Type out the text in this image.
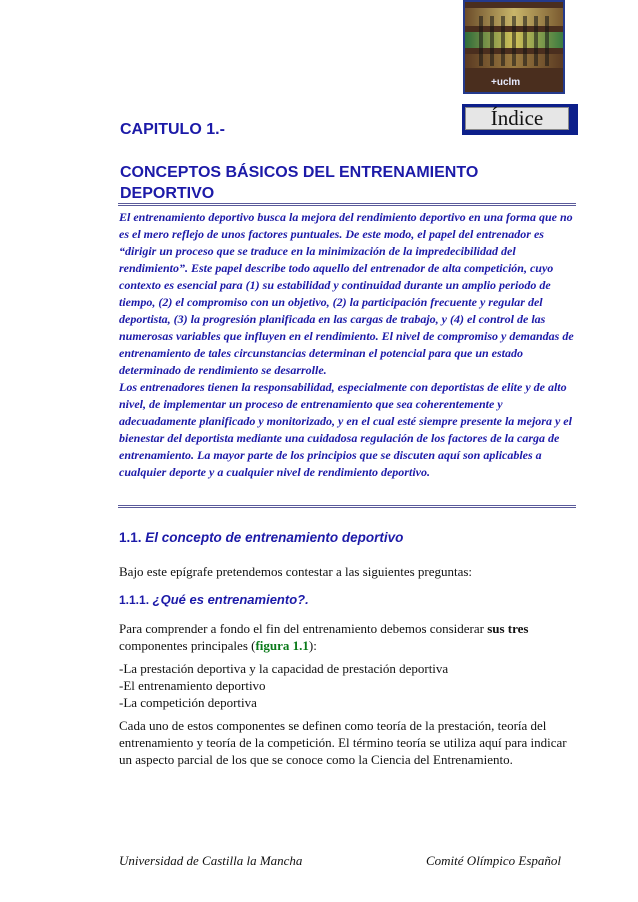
+uclm
Índice
CAPITULO 1.-
CONCEPTOS BÁSICOS DEL ENTRENAMIENTO
DEPORTIVO

El entrenamiento deportivo busca la mejora del rendimiento deportivo en una forma que no es el mero reflejo de unos factores puntuales. De este modo, el papel del entrenador es “dirigir un proceso que se traduce en la minimización de la impredecibilidad del rendimiento”. Este papel describe todo aquello del entrenador de alta competición, cuyo contexto es esencial para (1) su estabilidad y continuidad durante un amplio periodo de tiempo, (2) el compromiso con un objetivo, (2) la participación frecuente y regular del deportista, (3) la progresión planificada en las cargas de trabajo, y (4) el control de las numerosas variables que influyen en el rendimiento. El nivel de compromiso y demandas de entrenamiento de tales circunstancias determinan el potencial para que un estado determinado de rendimiento se desarrolle.

Los entrenadores tienen la responsabilidad, especialmente con deportistas de elite y de alto nivel, de implementar un proceso de entrenamiento que sea coherentemente y adecuadamente planificado y monitorizado, y en el cual esté siempre presente la mejora y el bienestar del deportista mediante una cuidadosa regulación de los factores de la carga de entrenamiento. La mayor parte de los principios que se discuten aquí son aplicables a cualquier deporte y a cualquier nivel de rendimiento deportivo.

1.1. El concepto de entrenamiento deportivo

Bajo este epígrafe pretendemos contestar a las siguientes preguntas:

1.1.1. ¿Qué es entrenamiento?.

Para comprender a fondo el fin del entrenamiento debemos considerar sus tres componentes principales (figura 1.1):

-La prestación deportiva y la capacidad de prestación deportiva
-El entrenamiento deportivo
-La competición deportiva

Cada uno de estos componentes se definen como teoría de la prestación, teoría del entrenamiento y teoría de la competición. El término teoría se utiliza aquí para indicar un aspecto parcial de los que se conoce como la Ciencia del Entrenamiento.

Universidad de Castilla la Mancha	Comité Olímpico Español
